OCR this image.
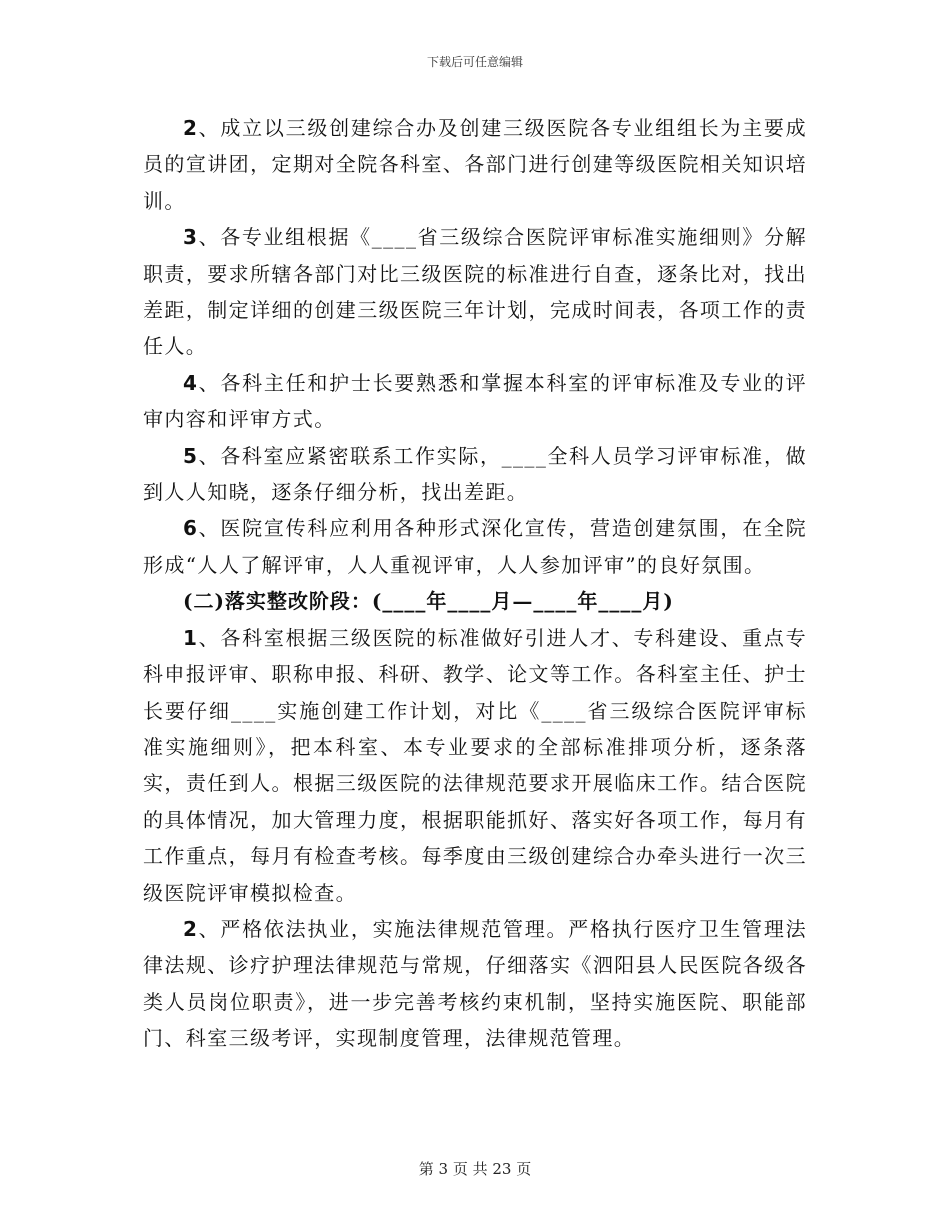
下载后可任意编辑

2、成立以三级创建综合办及创建三级医院各专业组组长为主要成员的宣讲团，定期对全院各科室、各部门进行创建等级医院相关知识培训。

3、各专业组根据《____省三级综合医院评审标准实施细则》分解职责，要求所辖各部门对比三级医院的标准进行自查，逐条比对，找出差距，制定详细的创建三级医院三年计划，完成时间表，各项工作的责任人。

4、各科主任和护士长要熟悉和掌握本科室的评审标准及专业的评审内容和评审方式。

5、各科室应紧密联系工作实际，____全科人员学习评审标准，做到人人知晓，逐条仔细分析，找出差距。

6、医院宣传科应利用各种形式深化宣传，营造创建氛围，在全院形成“人人了解评审，人人重视评审，人人参加评审”的良好氛围。

(二)落实整改阶段：(____年____月—____年____月)

1、各科室根据三级医院的标准做好引进人才、专科建设、重点专科申报评审、职称申报、科研、教学、论文等工作。各科室主任、护士长要仔细____实施创建工作计划，对比《____省三级综合医院评审标准实施细则》，把本科室、本专业要求的全部标准排项分析，逐条落实，责任到人。根据三级医院的法律规范要求开展临床工作。结合医院的具体情况，加大管理力度，根据职能抓好、落实好各项工作，每月有工作重点，每月有检查考核。每季度由三级创建综合办牵头进行一次三级医院评审模拟检查。

2、严格依法执业，实施法律规范管理。严格执行医疗卫生管理法律法规、诊疗护理法律规范与常规，仔细落实《泗阳县人民医院各级各类人员岗位职责》，进一步完善考核约束机制，坚持实施医院、职能部门、科室三级考评，实现制度管理，法律规范管理。

第 3 页 共 23 页
